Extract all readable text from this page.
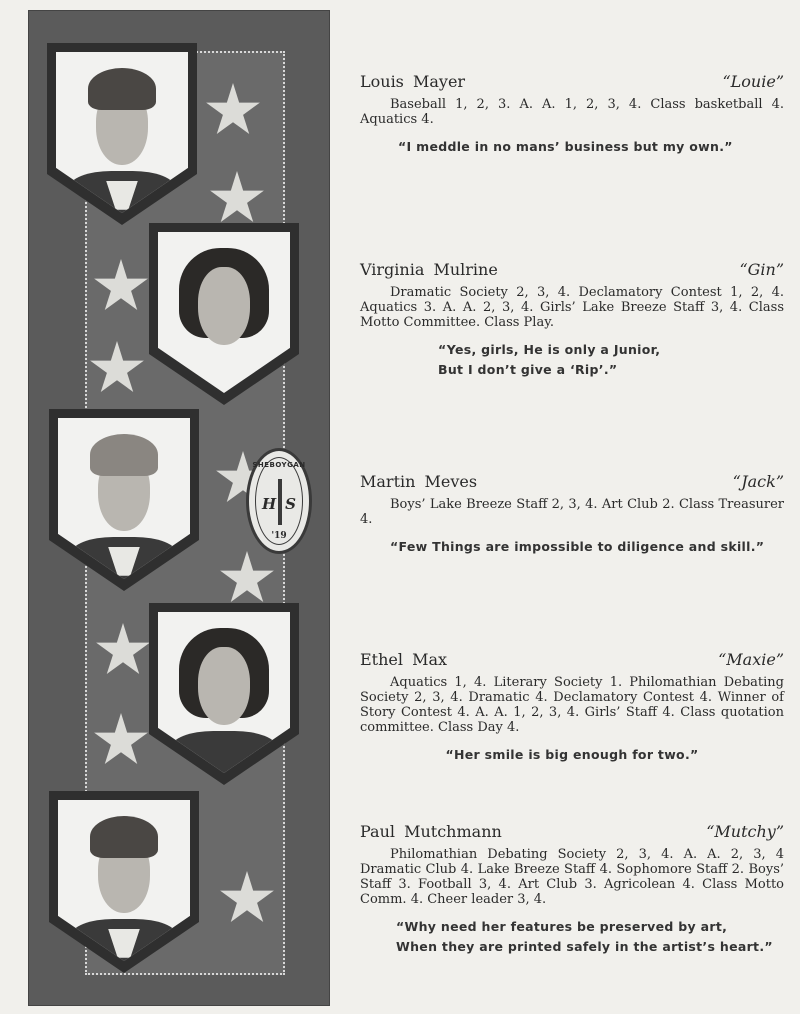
SHEBOYGAN
H S
'19
Louis Mayer	“Louie”

Baseball 1, 2, 3. A. A. 1, 2, 3, 4. Class basketball 4. Aquatics 4.

“I meddle in no mans’ business but my own.”
Virginia Mulrine	“Gin”

Dramatic Society 2, 3, 4. Declamatory Contest 1, 2, 4. Aquatics 3. A. A. 2, 3, 4. Girls’ Lake Breeze Staff 3, 4. Class Motto Committee. Class Play.

“Yes, girls, He is only a Junior,
But I don’t give a ‘Rip’.”
Martin Meves	“Jack”

Boys’ Lake Breeze Staff 2, 3, 4. Art Club 2. Class Treasurer 4.

“Few Things are impossible to diligence and skill.”
Ethel Max	“Maxie”

Aquatics 1, 4. Literary Society 1. Philomathian Debating Society 2, 3, 4. Dramatic 4. Declamatory Contest 4. Winner of Story Contest 4. A. A. 1, 2, 3, 4. Girls’ Staff 4. Class quotation committee. Class Day 4.

“Her smile is big enough for two.”
Paul Mutchmann	“Mutchy”

Philomathian Debating Society 2, 3, 4. A. A. 2, 3, 4 Dramatic Club 4. Lake Breeze Staff 4. Sophomore Staff 2. Boys’ Staff 3. Football 3, 4. Art Club 3. Agricolean 4. Class Motto Comm. 4. Cheer leader 3, 4.

“Why need her features be preserved by art,
When they are printed safely in the artist’s heart.”
